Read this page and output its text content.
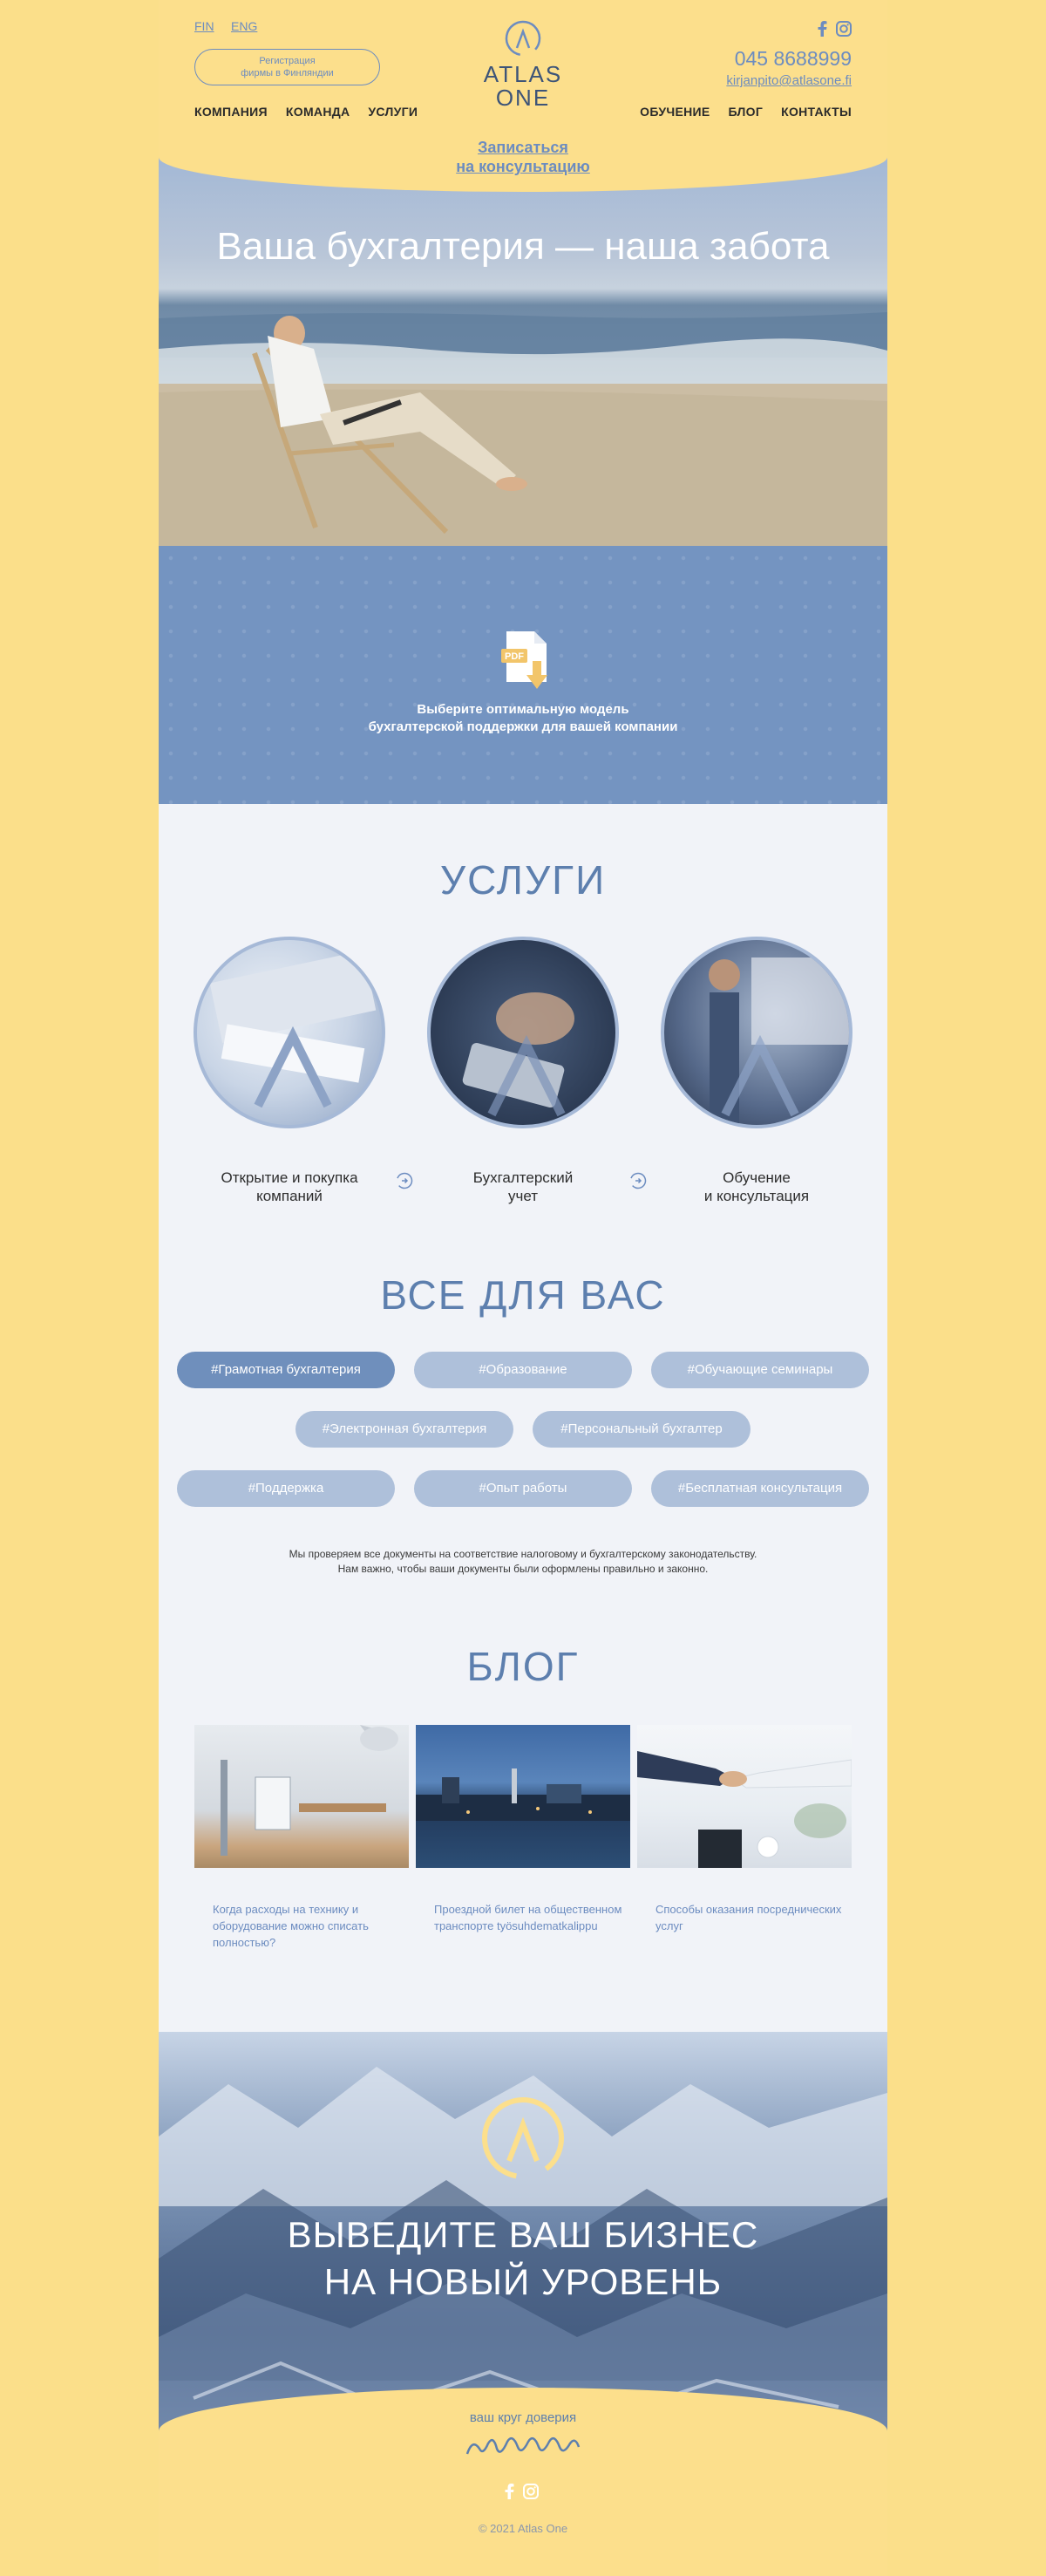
Ваша бухгалтерия — наша забота
FIN ENG
Регистрация
фирмы в Финляндии	ATLAS
ONE
045 8688999
kirjanpito@atlasone.fi
КОМПАНИЯ КОМАНДА УСЛУГИ	ОБУЧЕНИЕ БЛОГ КОНТАКТЫ
Записаться
на консультацию
PDF
Выберите оптимальную модель
бухгалтерской поддержки для вашей компании
УСЛУГИ
Открытие и покупка
компаний
Бухгалтерский
учет
Обучение
и консультация
ВСЕ ДЛЯ ВАС
#Грамотная бухгалтерия	#Образование	#Обучающие семинары
#Электронная бухгалтерия	#Персональный бухгалтер
#Поддержка	#Опыт работы	#Бесплатная консультация
Мы проверяем все документы на соответствие налоговому и бухгалтерскому законодательству.
Нам важно, чтобы ваши документы были оформлены правильно и законно.
БЛОГ
Когда расходы на технику и оборудование можно списать полностью?
Проездной билет на общественном транспорте työsuhdematkalippu
Способы оказания посреднических услуг
ВЫВЕДИТЕ ВАШ БИЗНЕС
НА НОВЫЙ УРОВЕНЬ
ваш круг доверия
© 2021 Atlas One
